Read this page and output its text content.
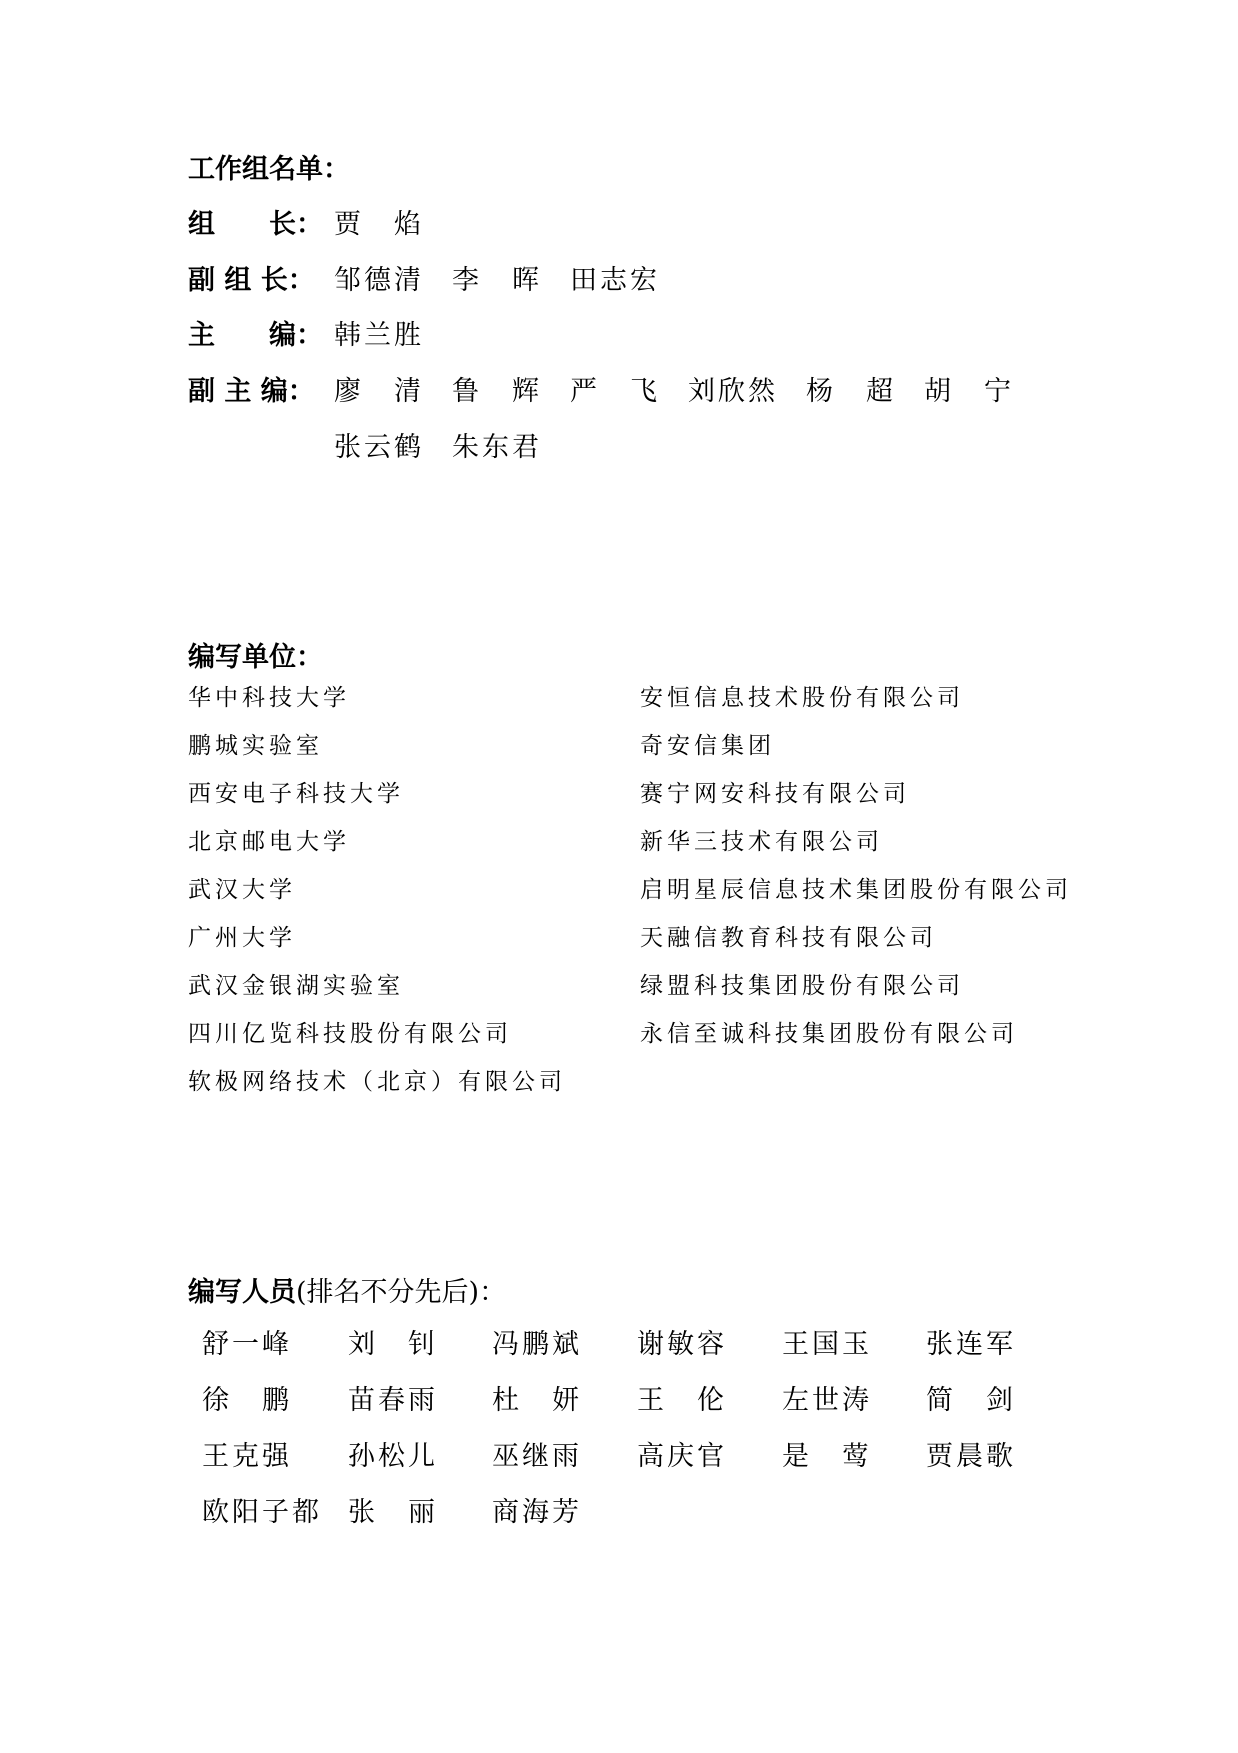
工作组名单：
组　　长： 贾　焰
副 组 长： 邹德清 李　晖 田志宏
主　　编： 韩兰胜
副 主 编： 廖　清 鲁　辉 严　飞 刘欣然 杨　超 胡　宁
张云鹤 朱东君
编写单位：
华中科技大学
鹏城实验室
西安电子科技大学
北京邮电大学
武汉大学
广州大学
武汉金银湖实验室
四川亿览科技股份有限公司
软极网络技术（北京）有限公司
安恒信息技术股份有限公司
奇安信集团
赛宁网安科技有限公司
新华三技术有限公司
启明星辰信息技术集团股份有限公司
天融信教育科技有限公司
绿盟科技集团股份有限公司
永信至诚科技集团股份有限公司
编写人员(排名不分先后)：
舒一峰 刘　钊 冯鹏斌 谢敏容 王国玉 张连军
徐　鹏 苗春雨 杜　妍 王　伦 左世涛 简　剑
王克强 孙松儿 巫继雨 高庆官 是　莺 贾晨歌
欧阳子都 张　丽 商海芳
